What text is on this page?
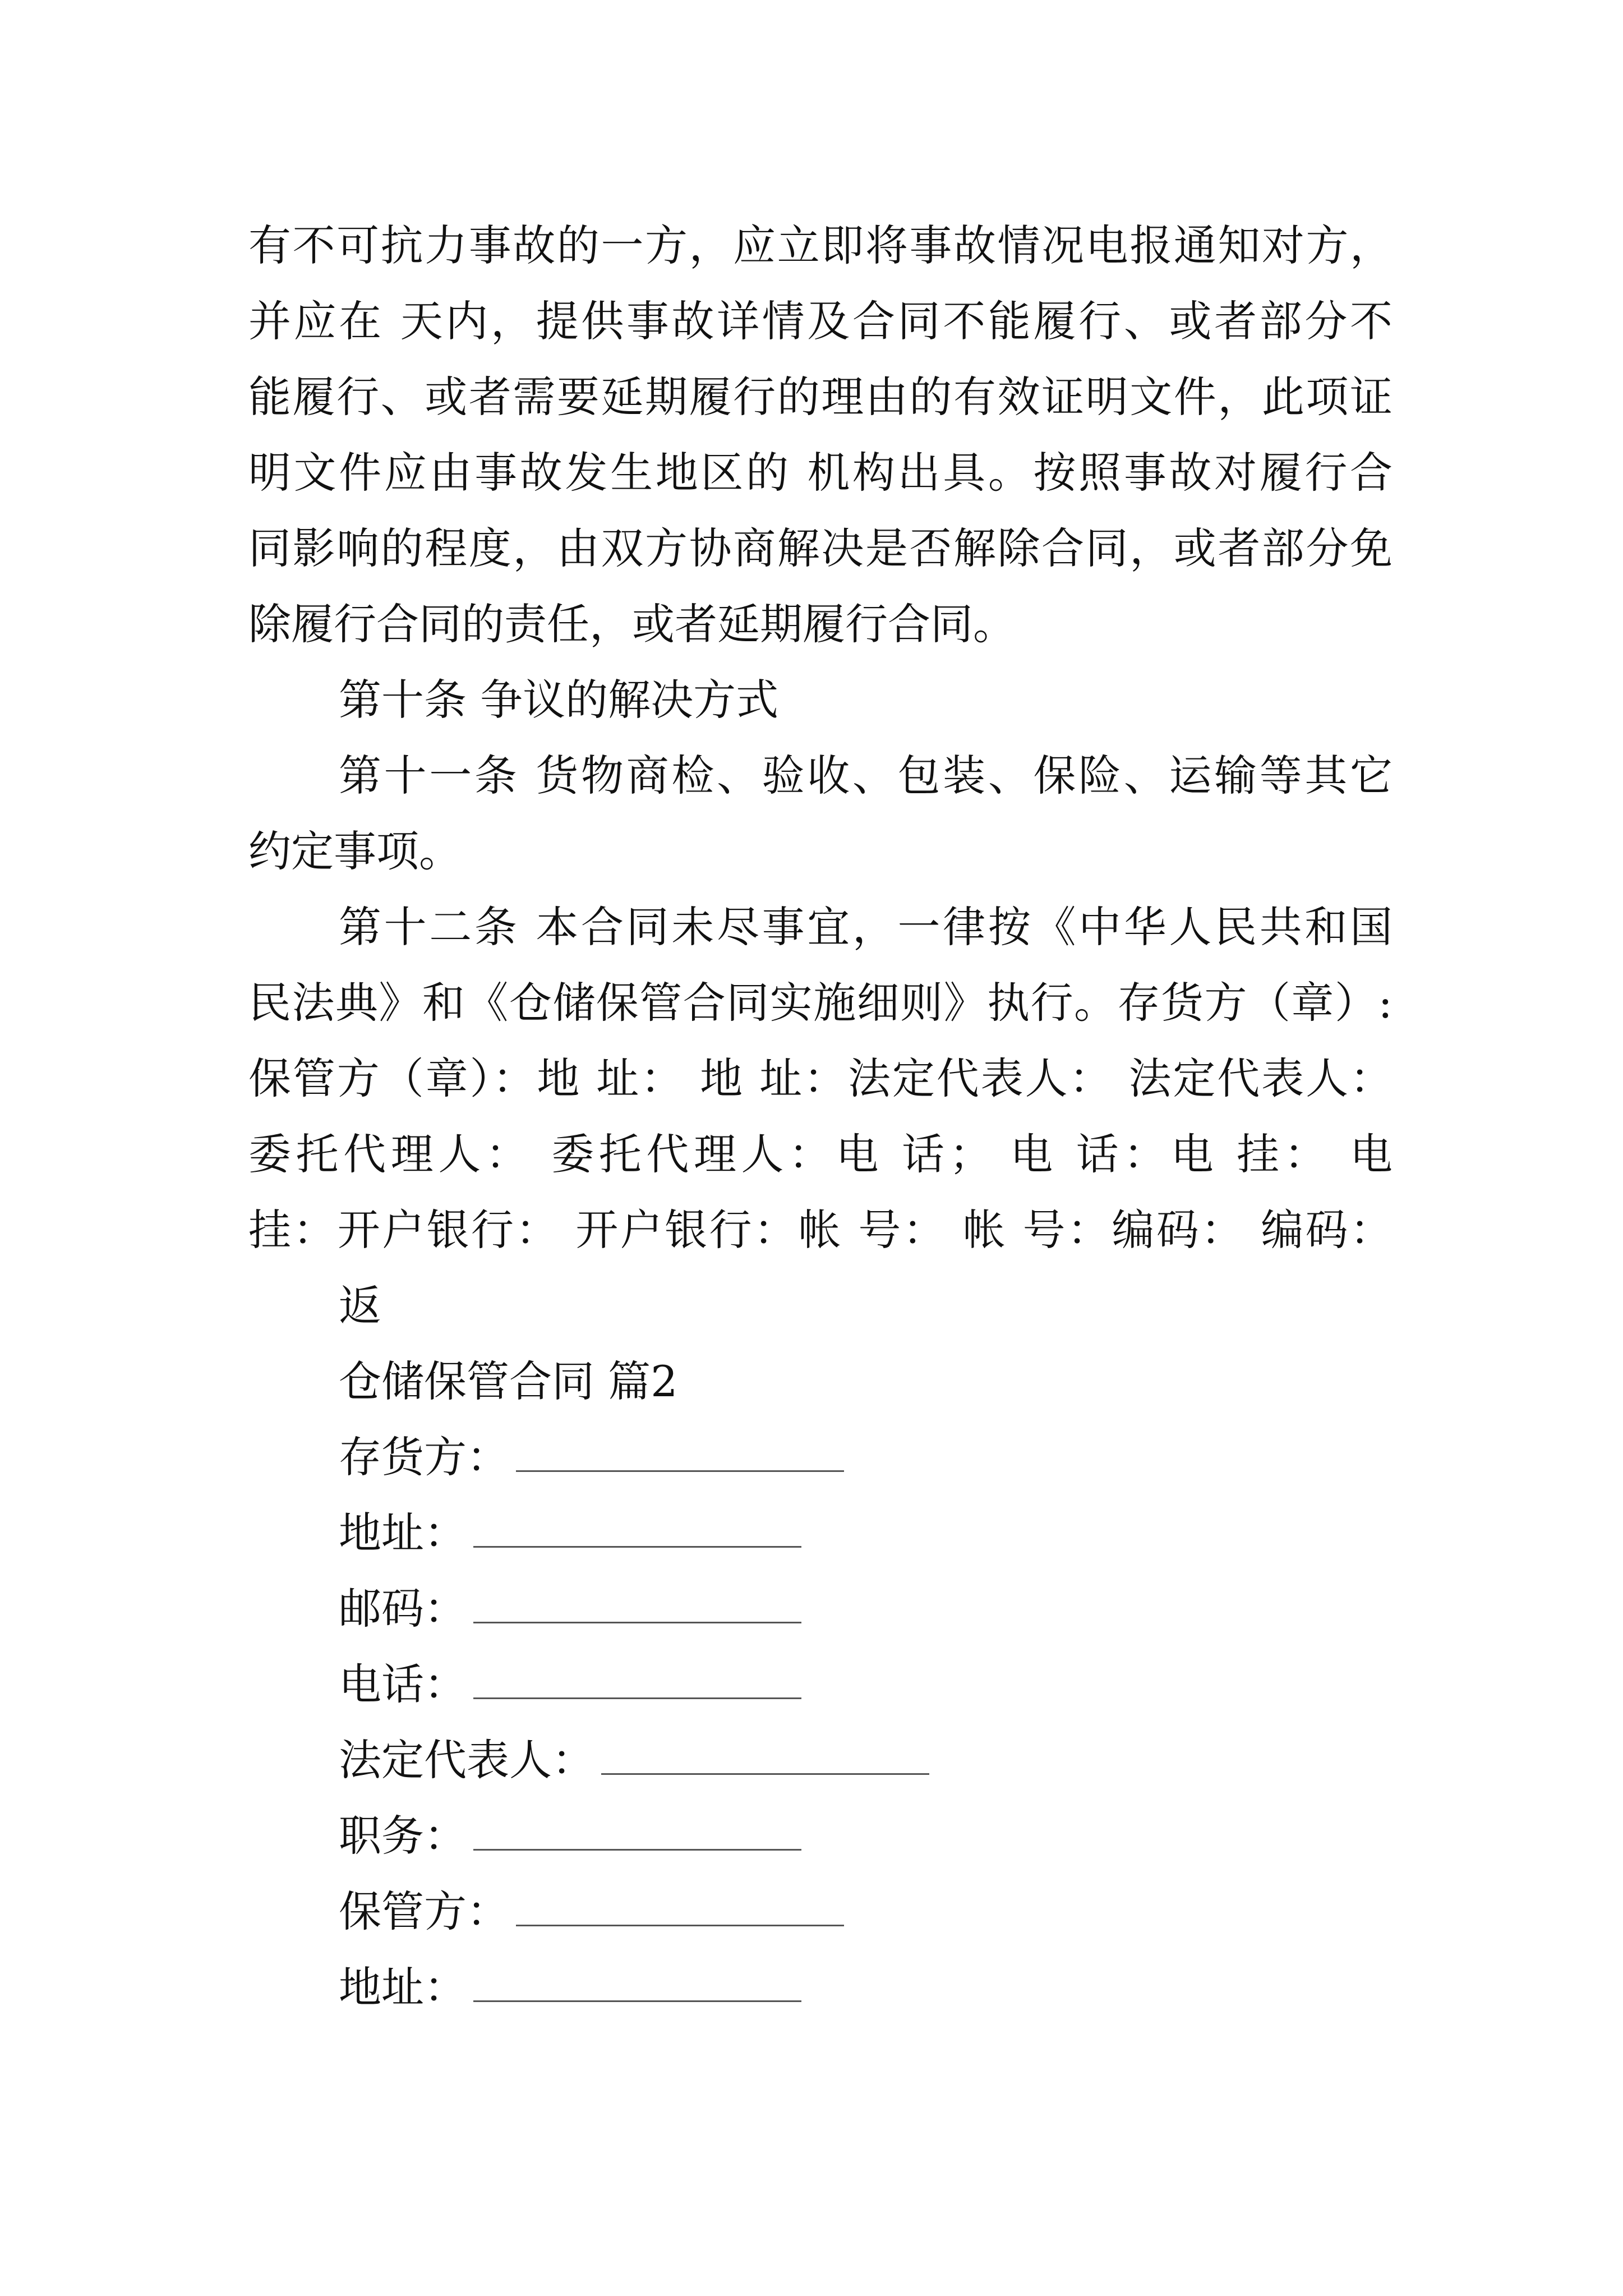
有不可抗力事故的一方，应立即将事故情况电报通知对方，
并应在 天内，提供事故详情及合同不能履行、或者部分不
能履行、或者需要延期履行的理由的有效证明文件，此项证
明文件应由事故发生地区的 机构出具。按照事故对履行合
同影响的程度，由双方协商解决是否解除合同，或者部分免
除履行合同的责任，或者延期履行合同。
第十条 争议的解决方式
第十一条 货物商检、验收、包装、保险、运输等其它
约定事项。
第十二条 本合同未尽事宜，一律按《中华人民共和国
民法典》和《仓储保管合同实施细则》执行。存货方（章）:
保管方（章）：地 址： 地 址：法定代表人： 法定代表人：
委托代理人： 委托代理人：电 话； 电 话：电 挂： 电
挂：开户银行： 开户银行：帐 号： 帐 号：编码： 编码：
返
仓储保管合同 篇2
存货方：
地址：
邮码：
电话：
法定代表人：
职务：
保管方：
地址：
